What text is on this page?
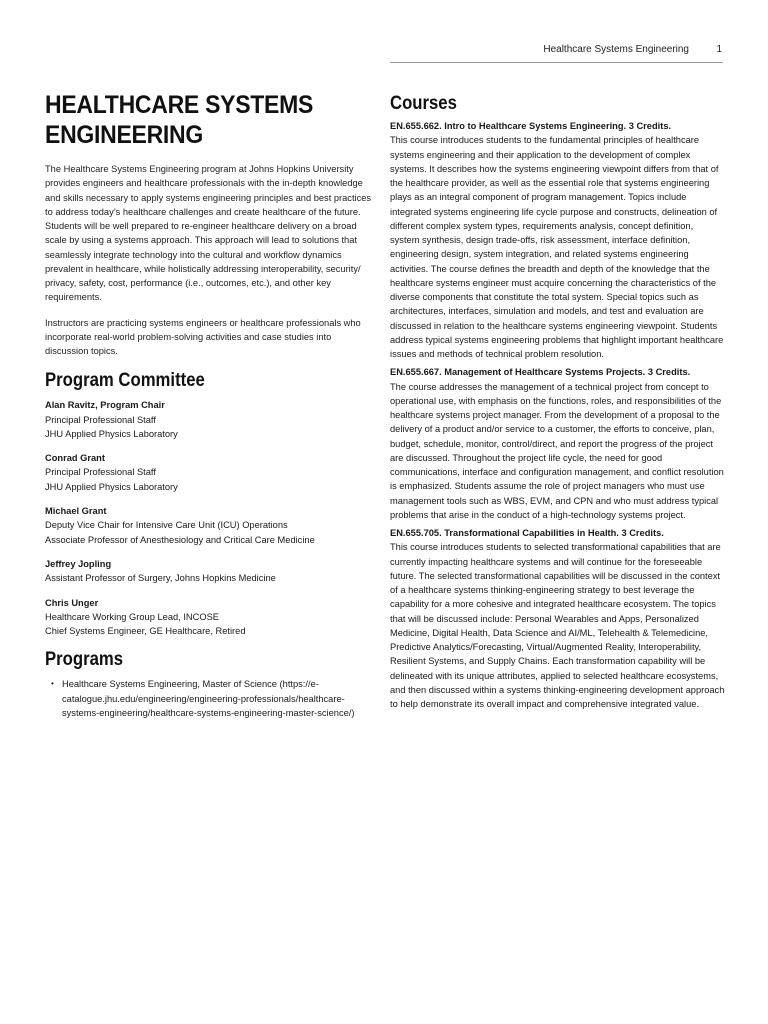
Healthcare Systems Engineering	1
HEALTHCARE SYSTEMS ENGINEERING

The Healthcare Systems Engineering program at Johns Hopkins University provides engineers and healthcare professionals with the in-depth knowledge and skills necessary to apply systems engineering principles and best practices to address today’s healthcare challenges and create healthcare of the future. Students will be well prepared to re-engineer healthcare delivery on a broad scale by using a systems approach. This approach will lead to solutions that seamlessly integrate technology into the cultural and workflow dynamics prevalent in healthcare, while holistically addressing interoperability, security/ privacy, safety, cost, performance (i.e., outcomes, etc.), and other key requirements.

Instructors are practicing systems engineers or healthcare professionals who incorporate real-world problem-solving activities and case studies into discussion topics.

Program Committee
Alan Ravitz, Program Chair
Principal Professional Staff
JHU Applied Physics Laboratory
Conrad Grant
Principal Professional Staff
JHU Applied Physics Laboratory
Michael Grant
Deputy Vice Chair for Intensive Care Unit (ICU) Operations
Associate Professor of Anesthesiology and Critical Care Medicine
Jeffrey Jopling
Assistant Professor of Surgery, Johns Hopkins Medicine
Chris Unger
Healthcare Working Group Lead, INCOSE
Chief Systems Engineer, GE Healthcare, Retired
Programs
• Healthcare Systems Engineering, Master of Science (https://e-catalogue.jhu.edu/engineering/engineering-professionals/healthcare-systems-engineering/healthcare-systems-engineering-master-science/)
Courses
EN.655.662. Intro to Healthcare Systems Engineering. 3 Credits.

This course introduces students to the fundamental principles of healthcare systems engineering and their application to the development of complex systems. It describes how the systems engineering viewpoint differs from that of the healthcare provider, as well as the essential role that systems engineering plays as an integral component of program management. Topics include integrated systems engineering life cycle purpose and constructs, delineation of different complex system types, requirements analysis, concept definition, system synthesis, design trade-offs, risk assessment, interface definition, engineering design, system integration, and related systems engineering activities. The course defines the breadth and depth of the knowledge that the healthcare systems engineer must acquire concerning the characteristics of the diverse components that constitute the total system. Special topics such as architectures, interfaces, simulation and models, and test and evaluation are discussed in relation to the healthcare systems engineering viewpoint. Students address typical systems engineering problems that highlight important healthcare issues and methods of technical problem resolution.

EN.655.667. Management of Healthcare Systems Projects. 3 Credits.

The course addresses the management of a technical project from concept to operational use, with emphasis on the functions, roles, and responsibilities of the healthcare systems project manager. From the development of a proposal to the delivery of a product and/or service to a customer, the efforts to conceive, plan, budget, schedule, monitor, control/direct, and report the progress of the project are discussed. Throughout the project life cycle, the need for good communications, interface and configuration management, and conflict resolution is emphasized. Students assume the role of project managers who must use management tools such as WBS, EVM, and CPN and who must address typical problems that arise in the conduct of a high-technology systems project.

EN.655.705. Transformational Capabilities in Health. 3 Credits.

This course introduces students to selected transformational capabilities that are currently impacting healthcare systems and will continue for the foreseeable future. The selected transformational capabilities will be discussed in the context of a healthcare systems thinking-engineering strategy to best leverage the capability for a more cohesive and integrated healthcare ecosystem. The topics that will be discussed include: Personal Wearables and Apps, Personalized Medicine, Digital Health, Data Science and AI/ML, Telehealth & Telemedicine, Predictive Analytics/Forecasting, Virtual/Augmented Reality, Interoperability, Resilient Systems, and Supply Chains. Each transformation capability will be delineated with its unique attributes, applied to selected healthcare ecosystems, and then discussed within a systems thinking-engineering development approach to help demonstrate its overall impact and comprehensive integrated value.
